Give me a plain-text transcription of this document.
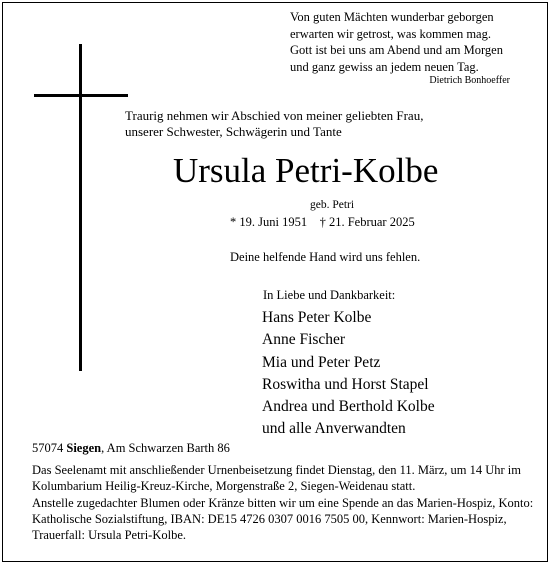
Von guten Mächten wunderbar geborgen
erwarten wir getrost, was kommen mag.
Gott ist bei uns am Abend und am Morgen
und ganz gewiss an jedem neuen Tag.
Dietrich Bonhoeffer
Traurig nehmen wir Abschied von meiner geliebten Frau,
unserer Schwester, Schwägerin und Tante
Ursula Petri-Kolbe
geb. Petri
* 19. Juni 1951    † 21. Februar 2025
Deine helfende Hand wird uns fehlen.
In Liebe und Dankbarkeit:
Hans Peter Kolbe
Anne Fischer
Mia und Peter Petz
Roswitha und Horst Stapel
Andrea und Berthold Kolbe
und alle Anverwandten
57074 Siegen, Am Schwarzen Barth 86
Das Seelenamt mit anschließender Urnenbeisetzung findet Dienstag, den 11. März, um 14 Uhr im Kolumbarium Heilig-Kreuz-Kirche, Morgenstraße 2, Siegen-Weidenau statt.
Anstelle zugedachter Blumen oder Kränze bitten wir um eine Spende an das Marien-Hospiz, Konto: Katholische Sozialstiftung, IBAN: DE15 4726 0307 0016 7505 00, Kennwort: Marien-Hospiz, Trauerfall: Ursula Petri-Kolbe.
